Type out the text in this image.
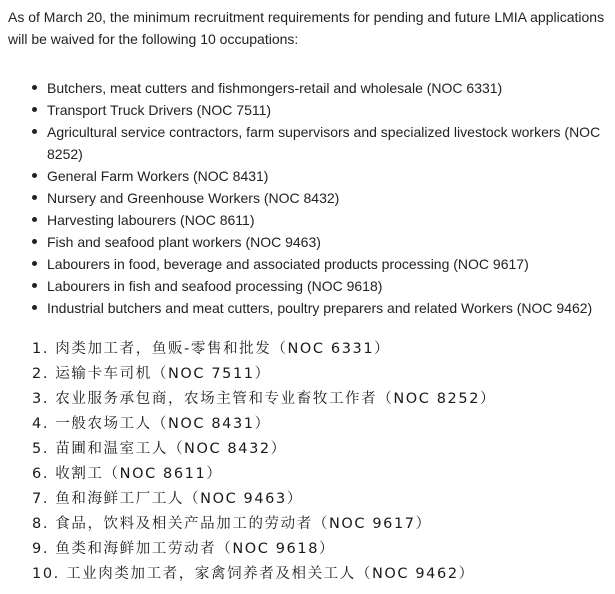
As of March 20, the minimum recruitment requirements for pending and future LMIA applications will be waived for the following 10 occupations:

Butchers, meat cutters and fishmongers-retail and wholesale (NOC 6331)
Transport Truck Drivers (NOC 7511)
Agricultural service contractors, farm supervisors and specialized livestock workers (NOC 8252)
General Farm Workers (NOC 8431)
Nursery and Greenhouse Workers (NOC 8432)
Harvesting labourers (NOC 8611)
Fish and seafood plant workers (NOC 9463)
Labourers in food, beverage and associated products processing (NOC 9617)
Labourers in fish and seafood processing (NOC 9618)
Industrial butchers and meat cutters, poultry preparers and related Workers (NOC 9462)
1. 肉类加工者，鱼贩-零售和批发（NOC 6331）
2. 运输卡车司机（NOC 7511）
3. 农业服务承包商，农场主管和专业畜牧工作者（NOC 8252）
4. 一般农场工人（NOC 8431）
5. 苗圃和温室工人（NOC 8432）
6. 收割工（NOC 8611）
7. 鱼和海鲜工厂工人（NOC 9463）
8. 食品，饮料及相关产品加工的劳动者（NOC 9617）
9. 鱼类和海鲜加工劳动者（NOC 9618）
10. 工业肉类加工者，家禽饲养者及相关工人（NOC 9462）
